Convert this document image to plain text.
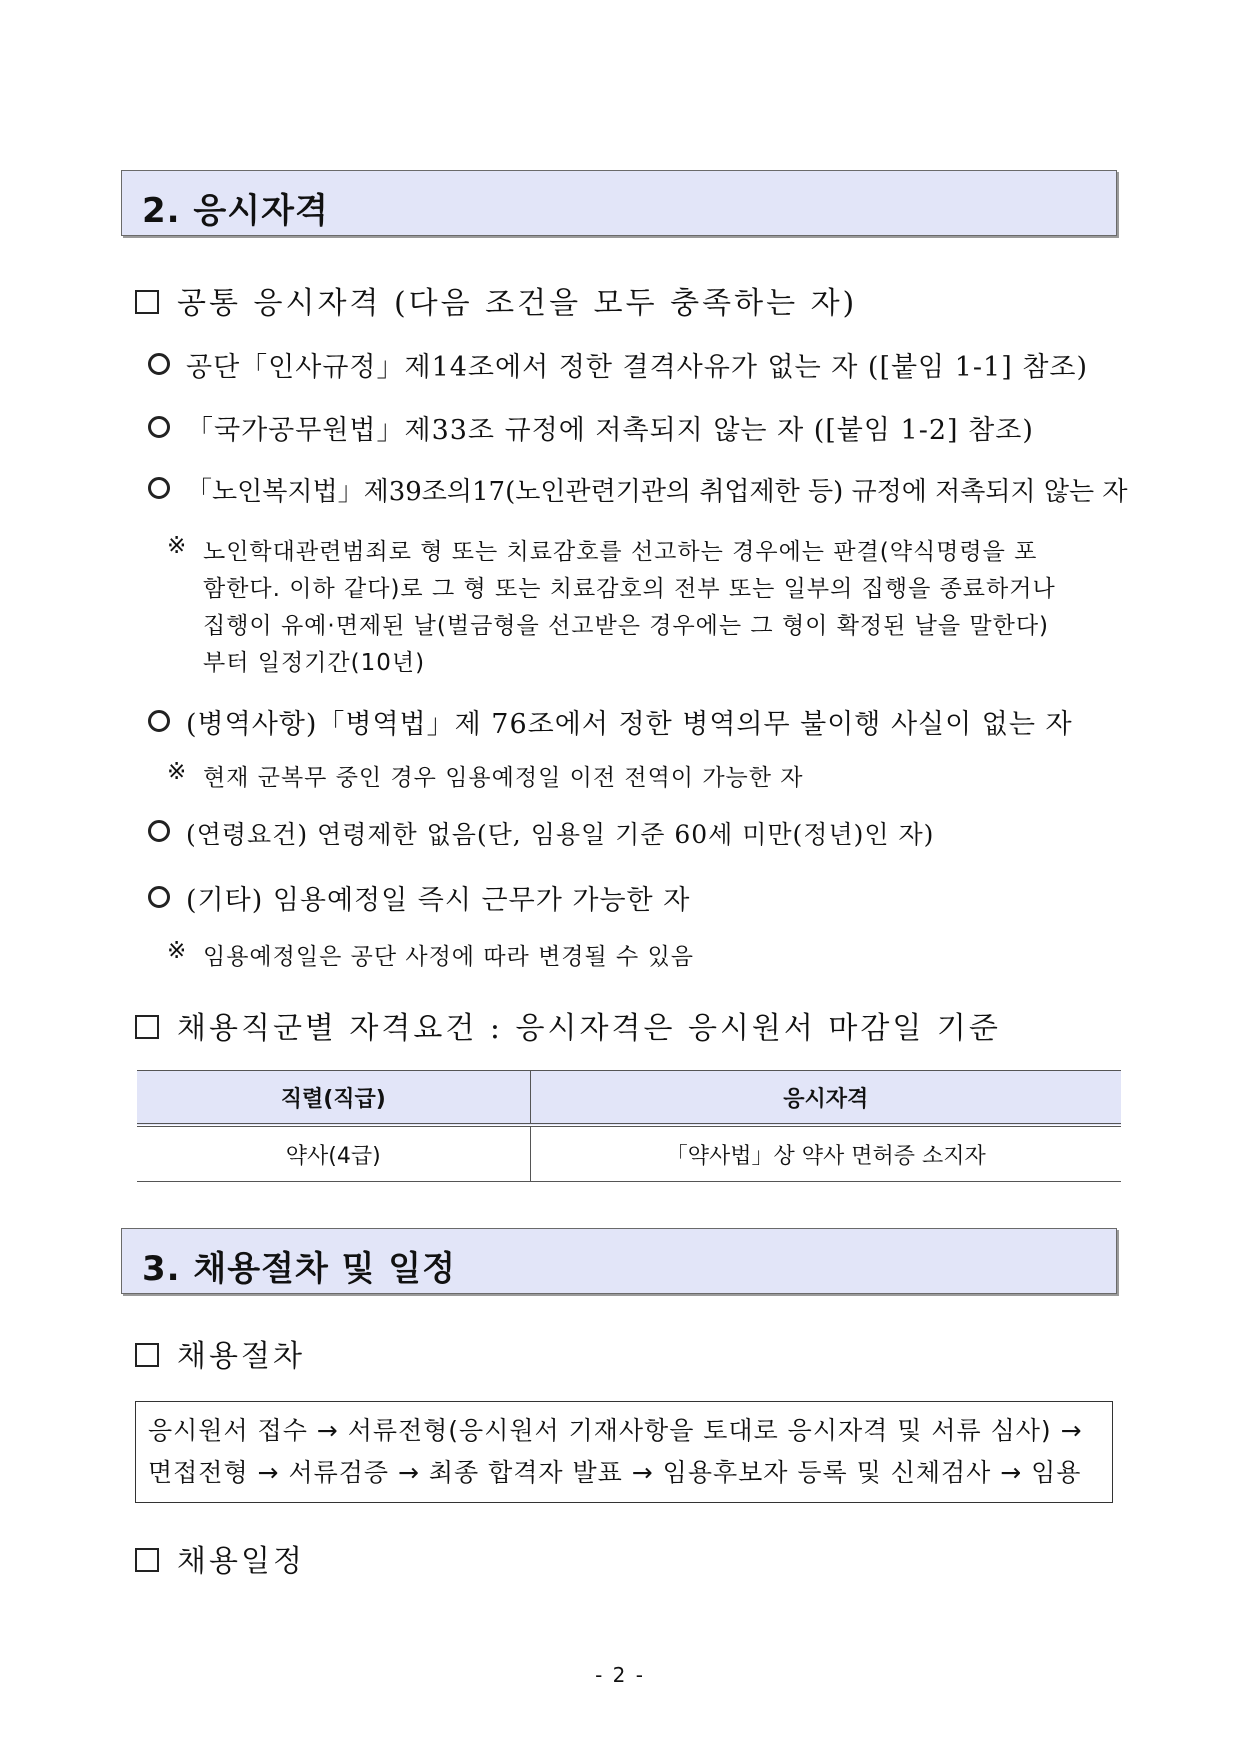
2. 응시자격
공통 응시자격 (다음 조건을 모두 충족하는 자)
공단「인사규정」제14조에서 정한 결격사유가 없는 자 ([붙임 1-1] 참조)
「국가공무원법」제33조 규정에 저촉되지 않는 자 ([붙임 1-2] 참조)
「노인복지법」제39조의17(노인관련기관의 취업제한 등) 규정에 저촉되지 않는 자
※ 노인학대관련범죄로 형 또는 치료감호를 선고하는 경우에는 판결(약식명령을 포
함한다. 이하 같다)로 그 형 또는 치료감호의 전부 또는 일부의 집행을 종료하거나
집행이 유예·면제된 날(벌금형을 선고받은 경우에는 그 형이 확정된 날을 말한다)
부터 일정기간(10년)
(병역사항)「병역법」제 76조에서 정한 병역의무 불이행 사실이 없는 자
※ 현재 군복무 중인 경우 임용예정일 이전 전역이 가능한 자
(연령요건) 연령제한 없음(단, 임용일 기준 60세 미만(정년)인 자)
(기타) 임용예정일 즉시 근무가 가능한 자
※ 임용예정일은 공단 사정에 따라 변경될 수 있음
채용직군별 자격요건 : 응시자격은 응시원서 마감일 기준
직렬(직급)	응시자격
약사(4급)	「약사법」상 약사 면허증 소지자
3. 채용절차 및 일정
채용절차
응시원서 접수 → 서류전형(응시원서 기재사항을 토대로 응시자격 및 서류 심사) →
면접전형 → 서류검증 → 최종 합격자 발표 → 임용후보자 등록 및 신체검사 → 임용
채용일정
- 2 -
